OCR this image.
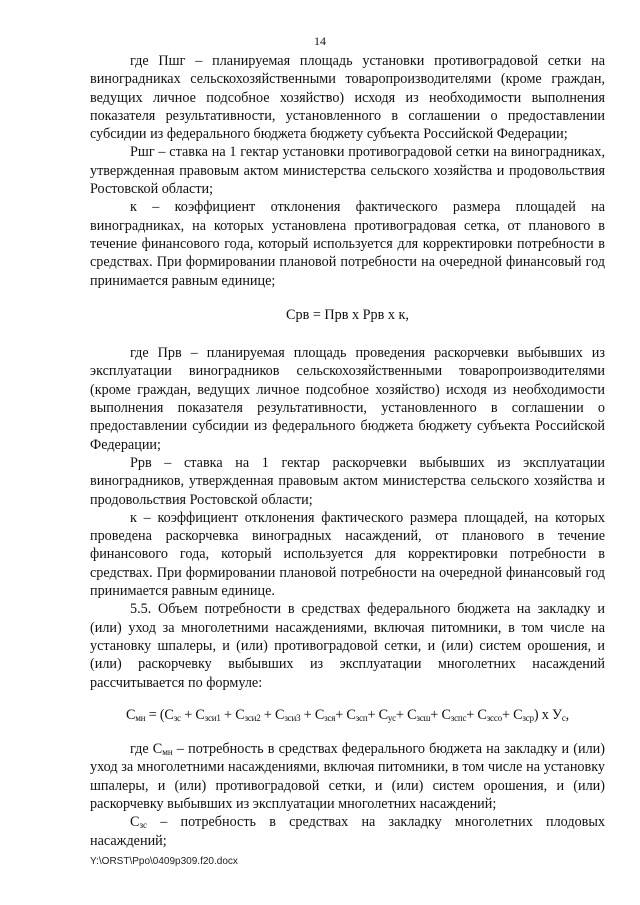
14

где Пшг – планируемая площадь установки противоградовой сетки на виноградниках сельскохозяйственными товаропроизводителями (кроме граждан, ведущих личное подсобное хозяйство) исходя из необходимости выполнения показателя результативности, установленного в соглашении о предоставлении субсидии из федерального бюджета бюджету субъекта Российской Федерации;

Ршг – ставка на 1 гектар установки противоградовой сетки на виноградниках, утвержденная правовым актом министерства сельского хозяйства и продовольствия Ростовской области;

к – коэффициент отклонения фактического размера площадей на виноградниках, на которых установлена противоградовая сетка, от планового в течение финансового года, который используется для корректировки потребности в средствах. При формировании плановой потребности на очередной финансовый год принимается равным единице;

Срв = Прв х Ррв х к,

где Прв – планируемая площадь проведения раскорчевки выбывших из эксплуатации виноградников сельскохозяйственными товаропроизводителями (кроме граждан, ведущих личное подсобное хозяйство) исходя из необходимости выполнения показателя результативности, установленного в соглашении о предоставлении субсидии из федерального бюджета бюджету субъекта Российской Федерации;

Ррв – ставка на 1 гектар раскорчевки выбывших из эксплуатации виноградников, утвержденная правовым актом министерства сельского хозяйства и продовольствия Ростовской области;

к – коэффициент отклонения фактического размера площадей, на которых проведена раскорчевка виноградных насаждений, от планового в течение финансового года, который используется для корректировки потребности в средствах. При формировании плановой потребности на очередной финансовый год принимается равным единице.

5.5. Объем потребности в средствах федерального бюджета на закладку и (или) уход за многолетними насаждениями, включая питомники, в том числе на установку шпалеры, и (или) противоградовой сетки, и (или) систем орошения, и (или) раскорчевку выбывших из эксплуатации многолетних насаждений рассчитывается по формуле:

$С_{мн} = (С_{зс} + С_{зси1} + С_{зси2} + С_{зси3} + С_{зся}+ С_{зсп}+ С_{ус}+ С_{зсш}+ С_{зспс}+ С_{зсco}+ С_{зср})$ х $У_с$,

где $С_{мн}$ – потребность в средствах федерального бюджета на закладку и (или) уход за многолетними насаждениями, включая питомники, в том числе на установку шпалеры, и (или) противоградовой сетки, и (или) систем орошения, и (или) раскорчевку выбывших из эксплуатации многолетних насаждений;

$С_{зс}$ – потребность в средствах на закладку многолетних плодовых насаждений;

Y:\ORST\Ppo\0409p309.f20.docx
